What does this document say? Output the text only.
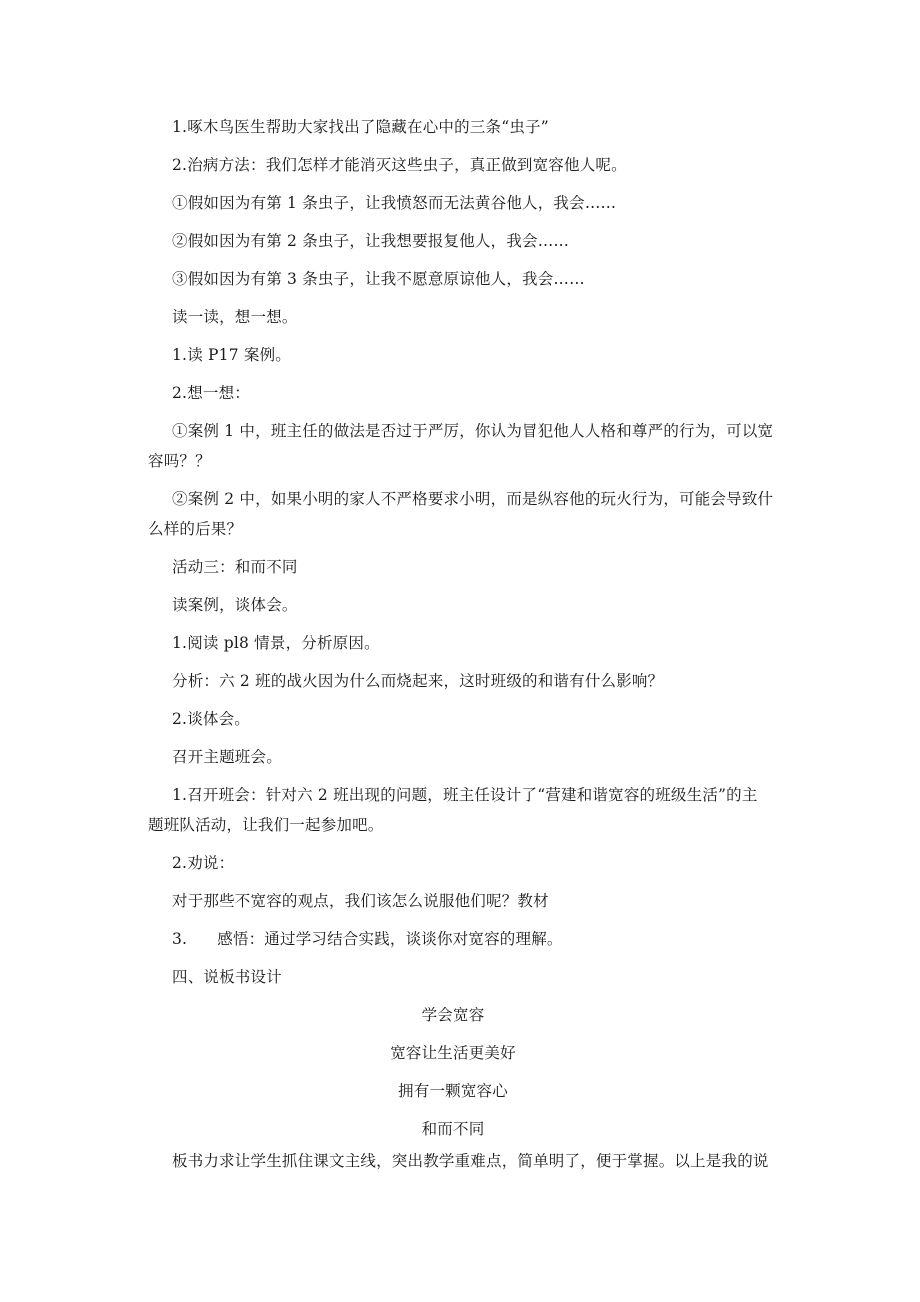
1.啄木鸟医生帮助大家找出了隐藏在心中的三条“虫子”

2.治病方法：我们怎样才能消灭这些虫子，真正做到宽容他人呢。

①假如因为有第 1 条虫子，让我愤怒而无法黄谷他人，我会……

②假如因为有第 2 条虫子，让我想要报复他人，我会……

③假如因为有第 3 条虫子，让我不愿意原谅他人，我会……

读一读，想一想。

1.读 P17 案例。

2.想一想：

①案例 1 中，班主任的做法是否过于严厉，你认为冒犯他人人格和尊严的行为，可以宽
容吗？？
②案例 2 中，如果小明的家人不严格要求小明，而是纵容他的玩火行为，可能会导致什
么样的后果？

活动三：和而不同

读案例，谈体会。

1.阅读 pl8 情景，分析原因。

分析：六 2 班的战火因为什么而烧起来，这时班级的和谐有什么影响？

2.谈体会。

召开主题班会。

1.召开班会：针对六 2 班出现的问题，班主任设计了“营建和谐宽容的班级生活”的主
题班队活动，让我们一起参加吧。

2.劝说：

对于那些不宽容的观点，我们该怎么说服他们呢？教材

3. 感悟：通过学习结合实践，谈谈你对宽容的理解。

四、说板书设计

学会宽容

宽容让生活更美好

拥有一颗宽容心

和而不同

板书力求让学生抓住课文主线，突出教学重难点，简单明了，便于掌握。以上是我的说
